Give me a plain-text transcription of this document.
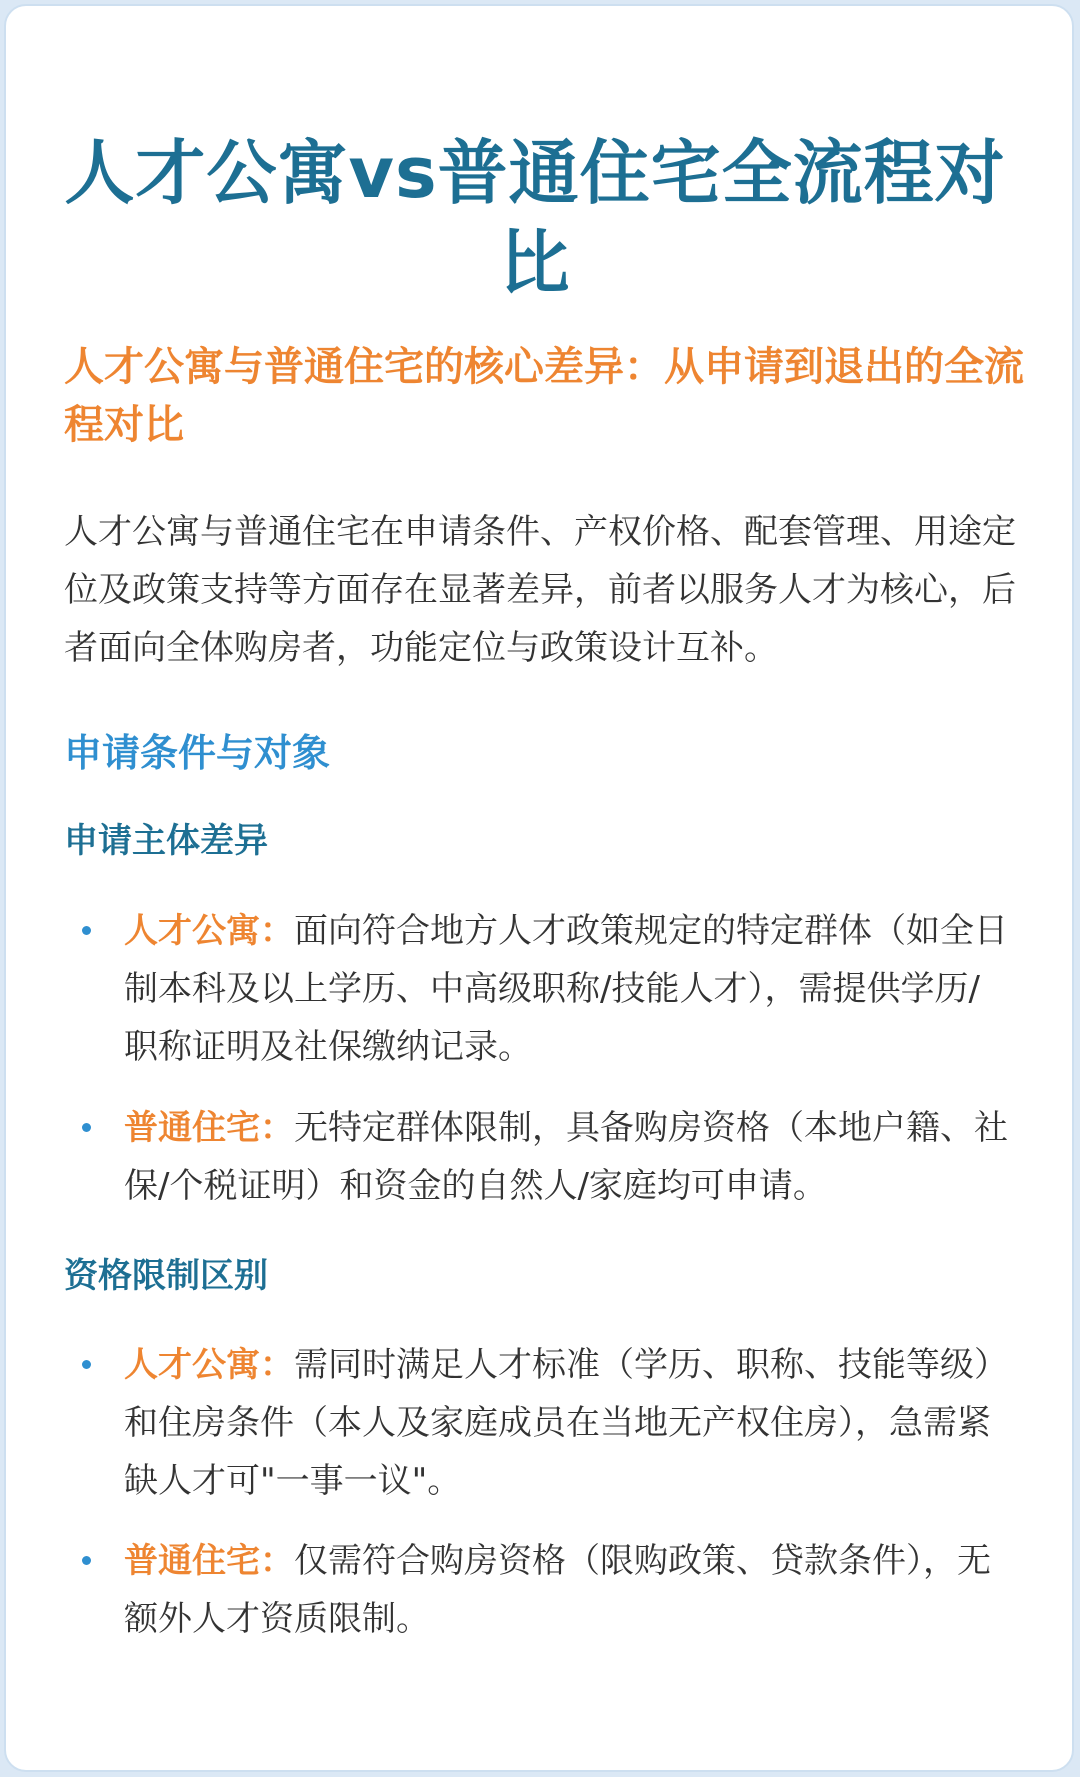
人才公寓vs普通住宅全流程对比
人才公寓与普通住宅的核心差异：从申请到退出的全流程对比
人才公寓与普通住宅在申请条件、产权价格、配套管理、用途定位及政策支持等方面存在显著差异，前者以服务人才为核心，后者面向全体购房者，功能定位与政策设计互补。
申请条件与对象
申请主体差异
人才公寓：面向符合地方人才政策规定的特定群体（如全日制本科及以上学历、中高级职称/技能人才），需提供学历/职称证明及社保缴纳记录。
普通住宅：无特定群体限制，具备购房资格（本地户籍、社保/个税证明）和资金的自然人/家庭均可申请。
资格限制区别
人才公寓：需同时满足人才标准（学历、职称、技能等级）和住房条件（本人及家庭成员在当地无产权住房），急需紧缺人才可"一事一议"。
普通住宅：仅需符合购房资格（限购政策、贷款条件），无额外人才资质限制。
